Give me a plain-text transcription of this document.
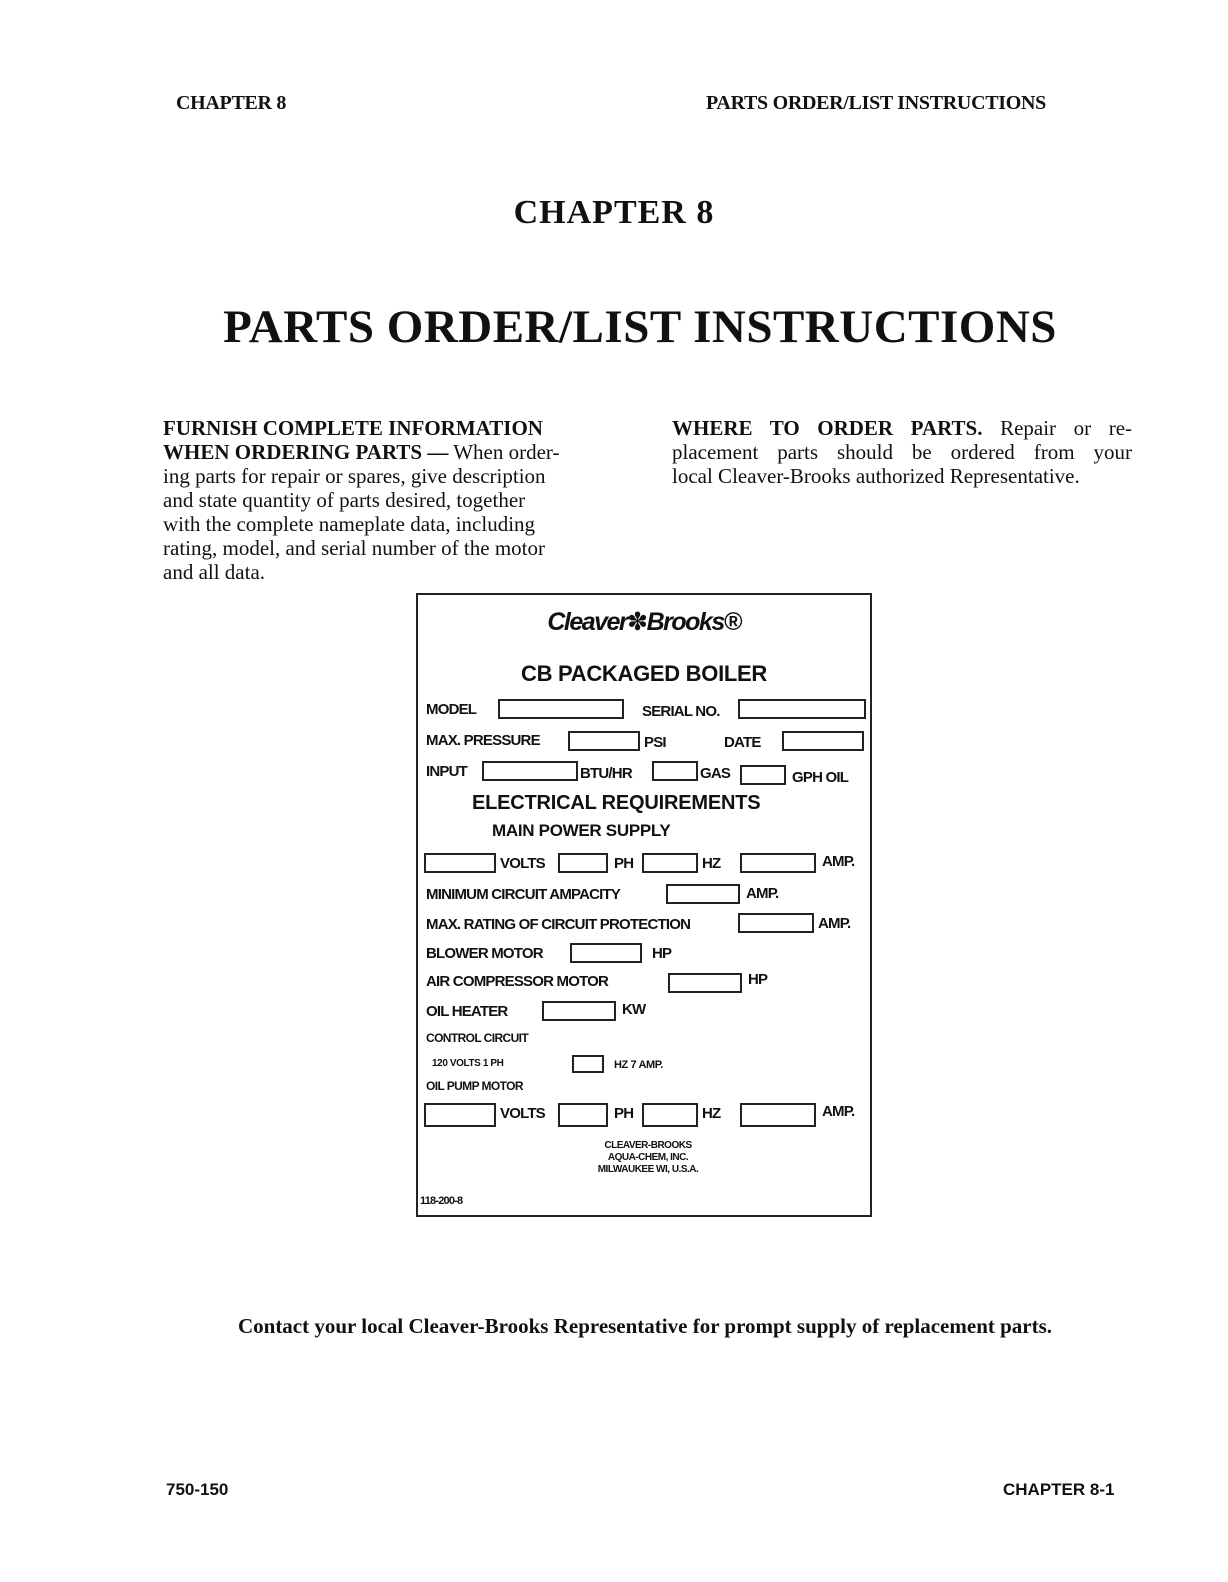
CHAPTER 8	PARTS ORDER/LIST INSTRUCTIONS
CHAPTER 8
PARTS ORDER/LIST INSTRUCTIONS
FURNISH COMPLETE INFORMATION
WHEN ORDERING PARTS — When order-
ing parts for repair or spares, give description
and state quantity of parts desired, together
with the complete nameplate data, including
rating, model, and serial number of the motor
and all data.
WHERE TO ORDER PARTS. Repair or re-
placement parts should be ordered from your
local Cleaver-Brooks authorized Representative.
Cleaver✽Brooks®
CB PACKAGED BOILER
MODEL	SERIAL NO.
MAX. PRESSURE	PSI	DATE
INPUT	BTU/HR	GAS	GPH OIL
ELECTRICAL REQUIREMENTS
MAIN POWER SUPPLY
VOLTS	PH	HZ	AMP.
MINIMUM CIRCUIT AMPACITY	AMP.
MAX. RATING OF CIRCUIT PROTECTION	AMP.
BLOWER MOTOR	HP
AIR COMPRESSOR MOTOR	HP
OIL HEATER	KW
CONTROL CIRCUIT
120 VOLTS 1 PH	HZ 7 AMP.
OIL PUMP MOTOR
VOLTS	PH	HZ	AMP.
CLEAVER-BROOKS
AQUA-CHEM, INC.
MILWAUKEE WI, U.S.A.
118-200-8
Contact your local Cleaver-Brooks Representative for prompt supply of replacement parts.
750-150	CHAPTER 8-1
